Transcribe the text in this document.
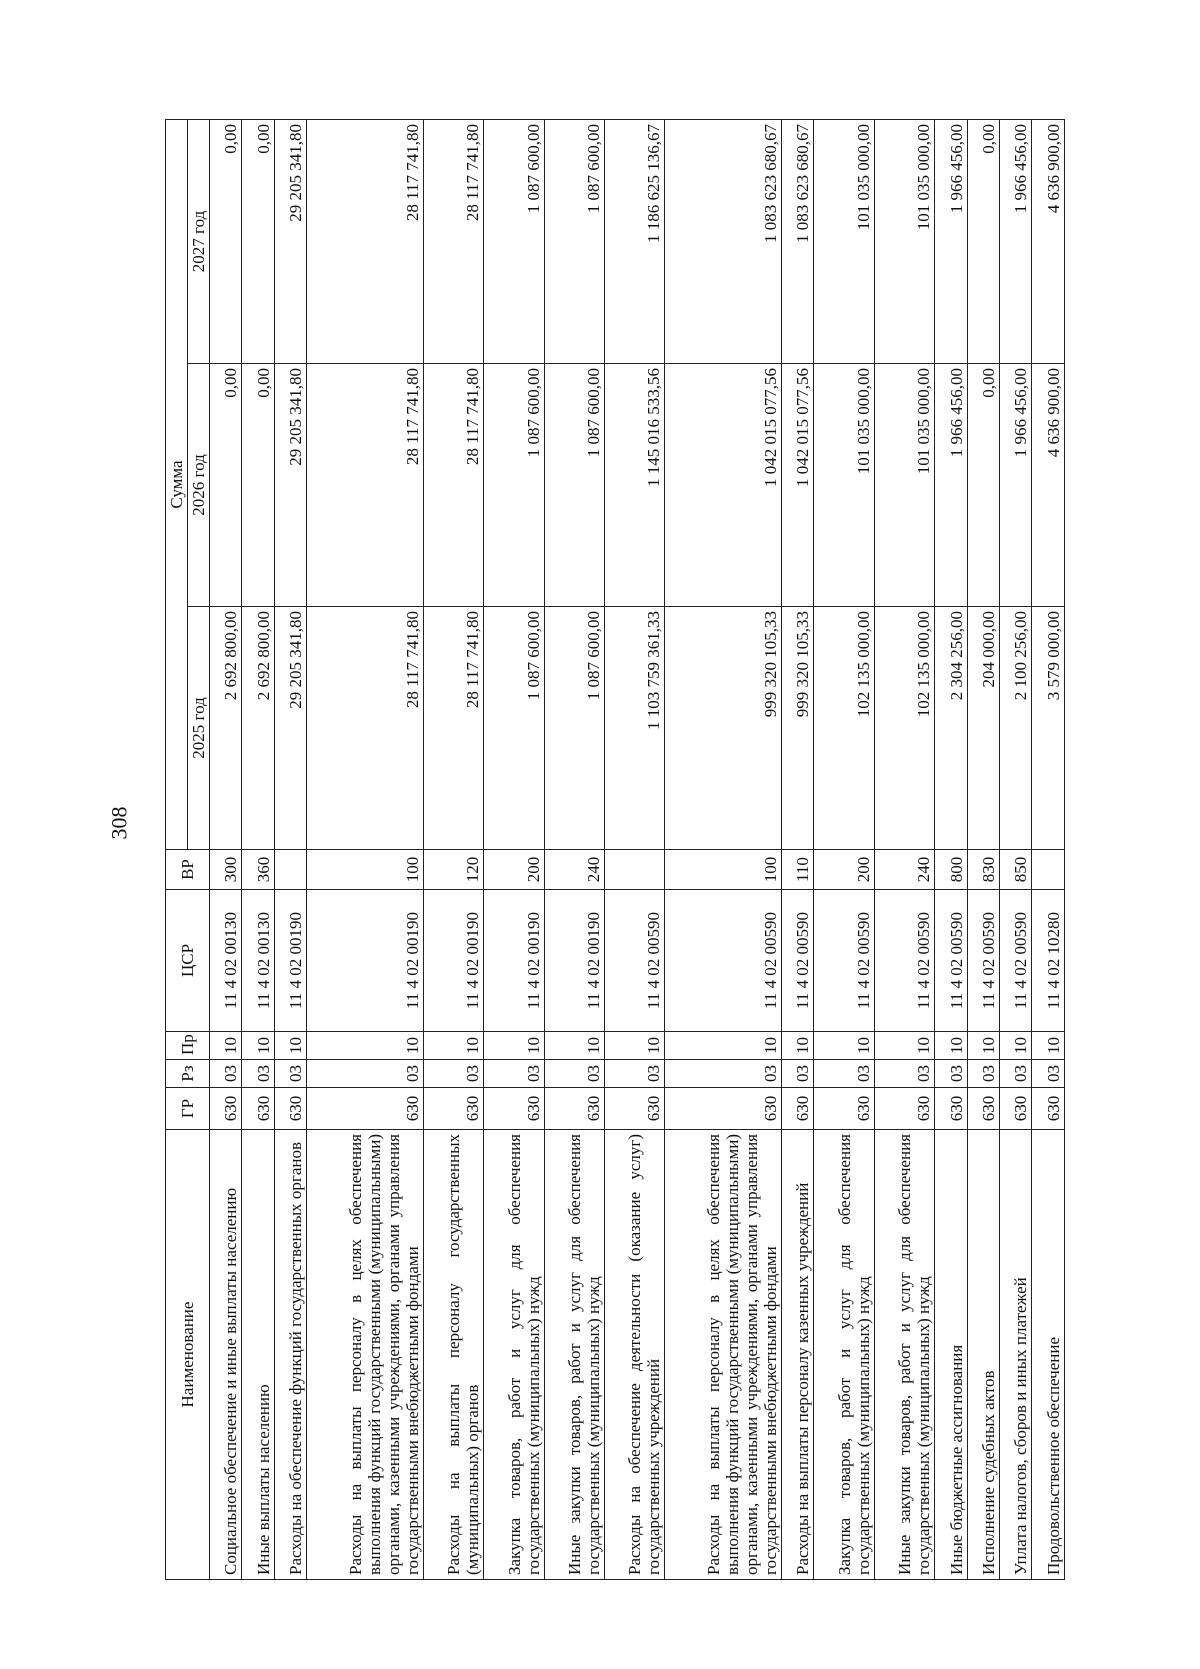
308
Наименование	ГР	Рз	Пр	ЦСР	ВР	Сумма		
						2025 год	2026 год	2027 год
Социальное обеспечение и иные выплаты населению	630	03	10	11 4 02 00130	300	2 692 800,00	0,00	0,00
Иные выплаты населению	630	03	10	11 4 02 00130	360	2 692 800,00	0,00	0,00
Расходы на обеспечение функций государственных органов	630	03	10	11 4 02 00190		29 205 341,80	29 205 341,80	29 205 341,80
Расходы на выплаты персоналу в целях обеспечения выполнения функций государственными (муниципальными) органами, казенными учреждениями, органами управления государственными внебюджетными фондами	630	03	10	11 4 02 00190	100	28 117 741,80	28 117 741,80	28 117 741,80
Расходы на выплаты персоналу государственных (муниципальных) органов	630	03	10	11 4 02 00190	120	28 117 741,80	28 117 741,80	28 117 741,80
Закупка товаров, работ и услуг для обеспечения государственных (муниципальных) нужд	630	03	10	11 4 02 00190	200	1 087 600,00	1 087 600,00	1 087 600,00
Иные закупки товаров, работ и услуг для обеспечения государственных (муниципальных) нужд	630	03	10	11 4 02 00190	240	1 087 600,00	1 087 600,00	1 087 600,00
Расходы на обеспечение деятельности (оказание услуг) государственных учреждений	630	03	10	11 4 02 00590		1 103 759 361,33	1 145 016 533,56	1 186 625 136,67
Расходы на выплаты персоналу в целях обеспечения выполнения функций государственными (муниципальными) органами, казенными учреждениями, органами управления государственными внебюджетными фондами	630	03	10	11 4 02 00590	100	999 320 105,33	1 042 015 077,56	1 083 623 680,67
Расходы на выплаты персоналу казенных учреждений	630	03	10	11 4 02 00590	110	999 320 105,33	1 042 015 077,56	1 083 623 680,67
Закупка товаров, работ и услуг для обеспечения государственных (муниципальных) нужд	630	03	10	11 4 02 00590	200	102 135 000,00	101 035 000,00	101 035 000,00
Иные закупки товаров, работ и услуг для обеспечения государственных (муниципальных) нужд	630	03	10	11 4 02 00590	240	102 135 000,00	101 035 000,00	101 035 000,00
Иные бюджетные ассигнования	630	03	10	11 4 02 00590	800	2 304 256,00	1 966 456,00	1 966 456,00
Исполнение судебных актов	630	03	10	11 4 02 00590	830	204 000,00	0,00	0,00
Уплата налогов, сборов и иных платежей	630	03	10	11 4 02 00590	850	2 100 256,00	1 966 456,00	1 966 456,00
Продовольственное обеспечение	630	03	10	11 4 02 10280		3 579 000,00	4 636 900,00	4 636 900,00
